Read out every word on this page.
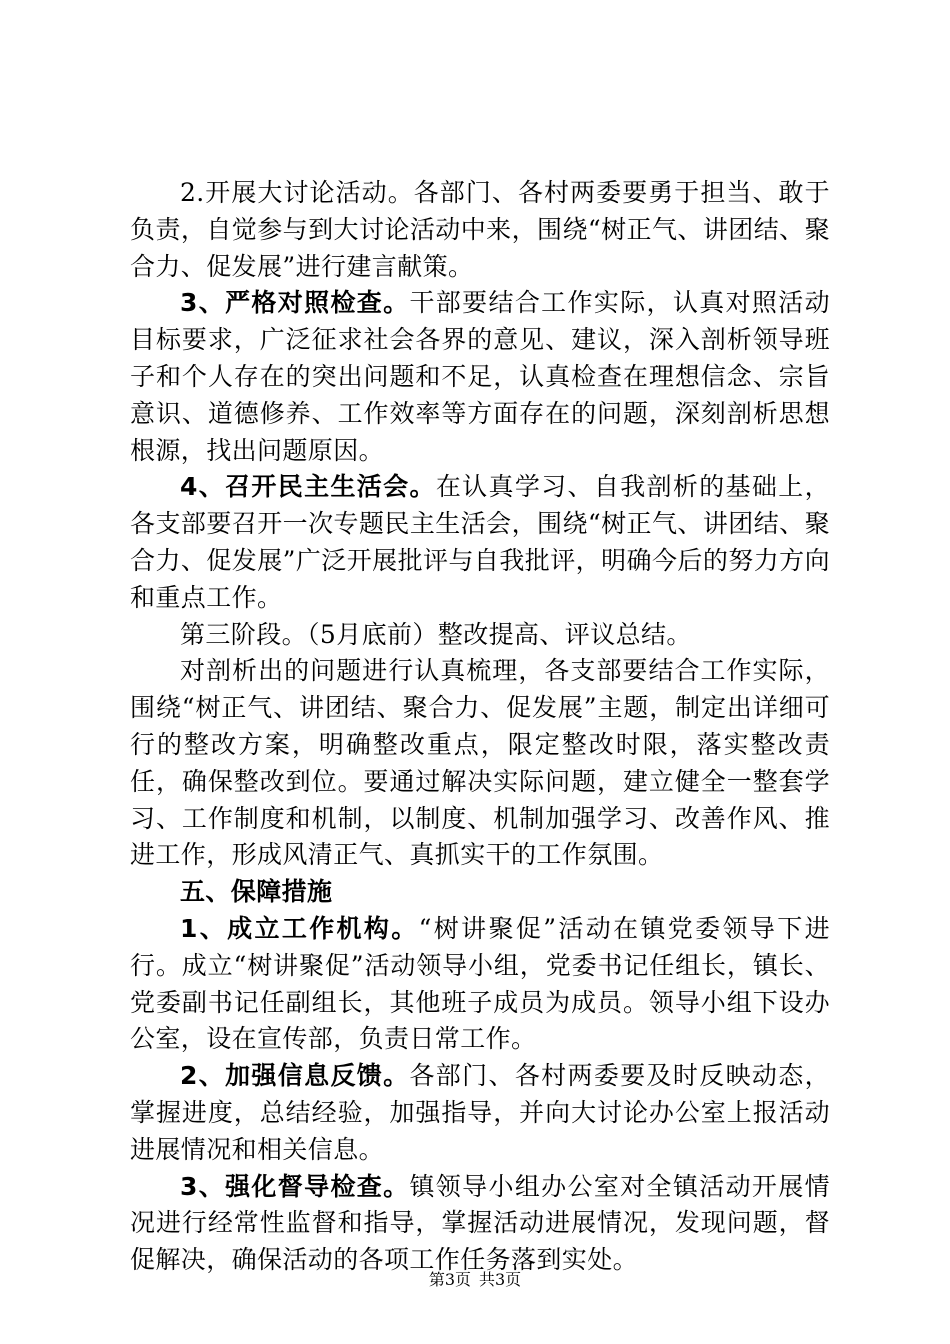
2.开展大讨论活动。各部门、各村两委要勇于担当、敢于负责，自觉参与到大讨论活动中来，围绕“树正气、讲团结、聚合力、促发展”进行建言献策。

3、严格对照检查。干部要结合工作实际，认真对照活动目标要求，广泛征求社会各界的意见、建议，深入剖析领导班子和个人存在的突出问题和不足，认真检查在理想信念、宗旨意识、道德修养、工作效率等方面存在的问题，深刻剖析思想根源，找出问题原因。

4、召开民主生活会。在认真学习、自我剖析的基础上，各支部要召开一次专题民主生活会，围绕“树正气、讲团结、聚合力、促发展”广泛开展批评与自我批评，明确今后的努力方向和重点工作。

第三阶段。（5月底前）整改提高、评议总结。

对剖析出的问题进行认真梳理，各支部要结合工作实际，围绕“树正气、讲团结、聚合力、促发展”主题，制定出详细可行的整改方案，明确整改重点，限定整改时限，落实整改责任，确保整改到位。要通过解决实际问题，建立健全一整套学习、工作制度和机制，以制度、机制加强学习、改善作风、推进工作，形成风清正气、真抓实干的工作氛围。

五、保障措施

1、成立工作机构。“树讲聚促”活动在镇党委领导下进行。成立“树讲聚促”活动领导小组，党委书记任组长，镇长、党委副书记任副组长，其他班子成员为成员。领导小组下设办公室，设在宣传部，负责日常工作。

2、加强信息反馈。各部门、各村两委要及时反映动态，掌握进度，总结经验，加强指导，并向大讨论办公室上报活动进展情况和相关信息。

3、强化督导检查。镇领导小组办公室对全镇活动开展情况进行经常性监督和指导，掌握活动进展情况，发现问题，督促解决，确保活动的各项工作任务落到实处。

第3页 共3页
